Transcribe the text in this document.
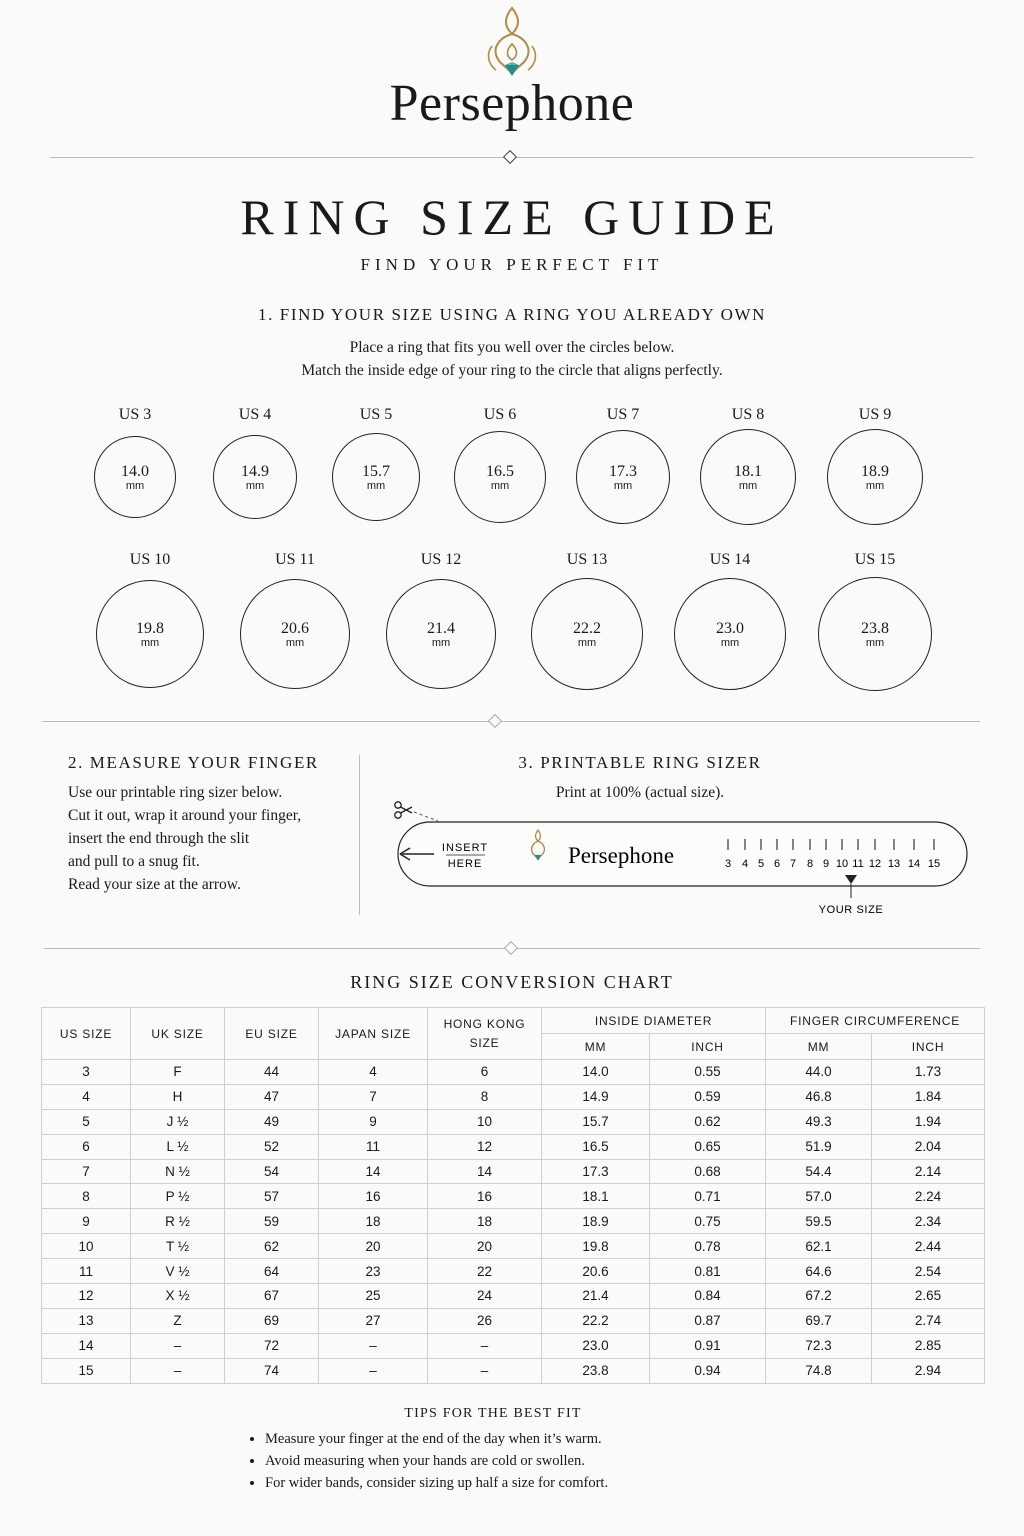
Persephone
RING SIZE GUIDE
FIND YOUR PERFECT FIT
1. FIND YOUR SIZE USING A RING YOU ALREADY OWN
Place a ring that fits you well over the circles below.
Match the inside edge of your ring to the circle that aligns perfectly.
US 3
14.0
mm
US 4
14.9
mm
US 5
15.7
mm
US 6
16.5
mm
US 7
17.3
mm
US 8
18.1
mm
US 9
18.9
mm
US 10
19.8
mm
US 11
20.6
mm
US 12
21.4
mm
US 13
22.2
mm
US 14
23.0
mm
US 15
23.8
mm
2. MEASURE YOUR FINGER
Use our printable ring sizer below.
Cut it out, wrap it around your finger,
insert the end through the slit
and pull to a snug fit.
Read your size at the arrow.
3. PRINTABLE RING SIZER
Print at 100% (actual size).
INSERT
HERE	Persephone	3 4 5 6 7 8 9 10 11 12 13 14 15
YOUR SIZE
RING SIZE CONVERSION CHART
US SIZE	UK SIZE	EU SIZE	JAPAN SIZE	HONG KONG
SIZE	INSIDE DIAMETER		FINGER CIRCUMFERENCE	
					MM	INCH	MM	INCH
3	F	44	4	6	14.0	0.55	44.0	1.73
4	H	47	7	8	14.9	0.59	46.8	1.84
5	J ½	49	9	10	15.7	0.62	49.3	1.94
6	L ½	52	11	12	16.5	0.65	51.9	2.04
7	N ½	54	14	14	17.3	0.68	54.4	2.14
8	P ½	57	16	16	18.1	0.71	57.0	2.24
9	R ½	59	18	18	18.9	0.75	59.5	2.34
10	T ½	62	20	20	19.8	0.78	62.1	2.44
11	V ½	64	23	22	20.6	0.81	64.6	2.54
12	X ½	67	25	24	21.4	0.84	67.2	2.65
13	Z	69	27	26	22.2	0.87	69.7	2.74
14	–	72	–	–	23.0	0.91	72.3	2.85
15	–	74	–	–	23.8	0.94	74.8	2.94
TIPS FOR THE BEST FIT
• Measure your finger at the end of the day when it’s warm.
• Avoid measuring when your hands are cold or swollen.
• For wider bands, consider sizing up half a size for comfort.
